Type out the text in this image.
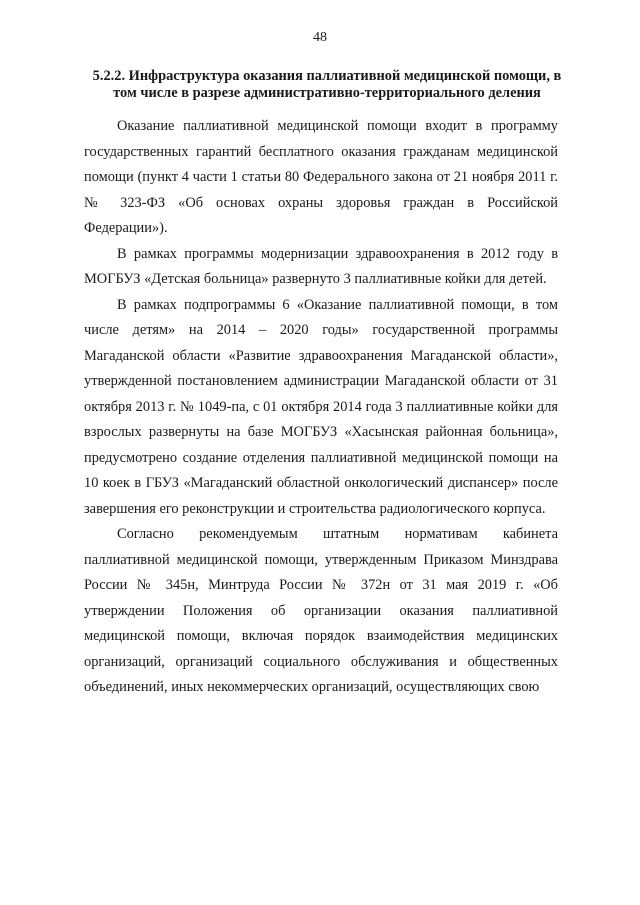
48
5.2.2. Инфраструктура оказания паллиативной медицинской помощи, в том числе в разрезе административно-территориального деления

Оказание паллиативной медицинской помощи входит в программу государственных гарантий бесплатного оказания гражданам медицинской помощи (пункт 4 части 1 статьи 80 Федерального закона от 21 ноября 2011 г. № 323-ФЗ «Об основах охраны здоровья граждан в Российской Федерации»).

В рамках программы модернизации здравоохранения в 2012 году в МОГБУЗ «Детская больница» развернуто 3 паллиативные койки для детей.

В рамках подпрограммы 6 «Оказание паллиативной помощи, в том числе детям» на 2014 – 2020 годы» государственной программы Магаданской области «Развитие здравоохранения Магаданской области», утвержденной постановлением администрации Магаданской области от 31 октября 2013 г. № 1049-па, с 01 октября 2014 года 3 паллиативные койки для взрослых развернуты на базе МОГБУЗ «Хасынская районная больница», предусмотрено создание отделения паллиативной медицинской помощи на 10 коек в ГБУЗ «Магаданский областной онкологический диспансер» после завершения его реконструкции и строительства радиологического корпуса.

Согласно рекомендуемым штатным нормативам кабинета паллиативной медицинской помощи, утвержденным Приказом Минздрава России № 345н, Минтруда России № 372н от 31 мая 2019 г. «Об утверждении Положения об организации оказания паллиативной медицинской помощи, включая порядок взаимодействия медицинских организаций, организаций социального обслуживания и общественных объединений, иных некоммерческих организаций, осуществляющих свою
